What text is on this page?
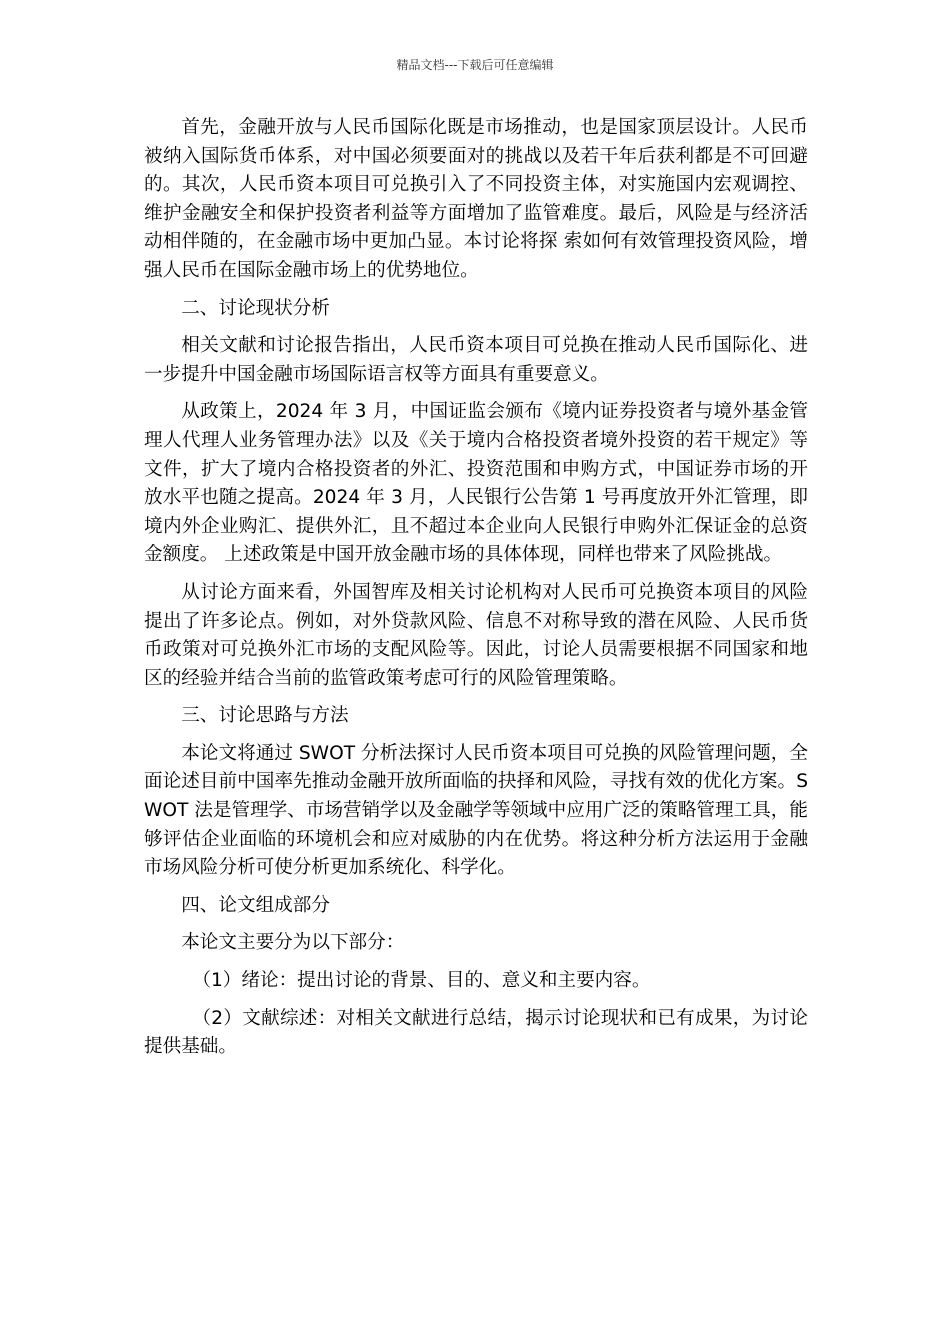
精品文档---下载后可任意编辑

首先，金融开放与人民币国际化既是市场推动，也是国家顶层设计。人民币被纳入国际货币体系，对中国必须要面对的挑战以及若干年后获利都是不可回避的。其次，人民币资本项目可兑换引入了不同投资主体，对实施国内宏观调控、维护金融安全和保护投资者利益等方面增加了监管难度。最后，风险是与经济活动相伴随的，在金融市场中更加凸显。本讨论将探 索如何有效管理投资风险，增强人民币在国际金融市场上的优势地位。

二、讨论现状分析

相关文献和讨论报告指出，人民币资本项目可兑换在推动人民币国际化、进一步提升中国金融市场国际语言权等方面具有重要意义。

从政策上，2024 年 3 月，中国证监会颁布《境内证券投资者与境外基金管理人代理人业务管理办法》以及《关于境内合格投资者境外投资的若干规定》等文件，扩大了境内合格投资者的外汇、投资范围和申购方式，中国证券市场的开放水平也随之提高。2024 年 3 月，人民银行公告第 1 号再度放开外汇管理，即境内外企业购汇、提供外汇，且不超过本企业向人民银行申购外汇保证金的总资金额度。 上述政策是中国开放金融市场的具体体现，同样也带来了风险挑战。

从讨论方面来看，外国智库及相关讨论机构对人民币可兑换资本项目的风险提出了许多论点。例如，对外贷款风险、信息不对称导致的潜在风险、人民币货币政策对可兑换外汇市场的支配风险等。因此，讨论人员需要根据不同国家和地区的经验并结合当前的监管政策考虑可行的风险管理策略。

三、讨论思路与方法

本论文将通过 SWOT 分析法探讨人民币资本项目可兑换的风险管理问题，全面论述目前中国率先推动金融开放所面临的抉择和风险，寻找有效的优化方案。SWOT 法是管理学、市场营销学以及金融学等领域中应用广泛的策略管理工具，能够评估企业面临的环境机会和应对威胁的内在优势。将这种分析方法运用于金融市场风险分析可使分析更加系统化、科学化。

四、论文组成部分

本论文主要分为以下部分：

（1）绪论：提出讨论的背景、目的、意义和主要内容。

（2）文献综述：对相关文献进行总结，揭示讨论现状和已有成果，为讨论提供基础。
